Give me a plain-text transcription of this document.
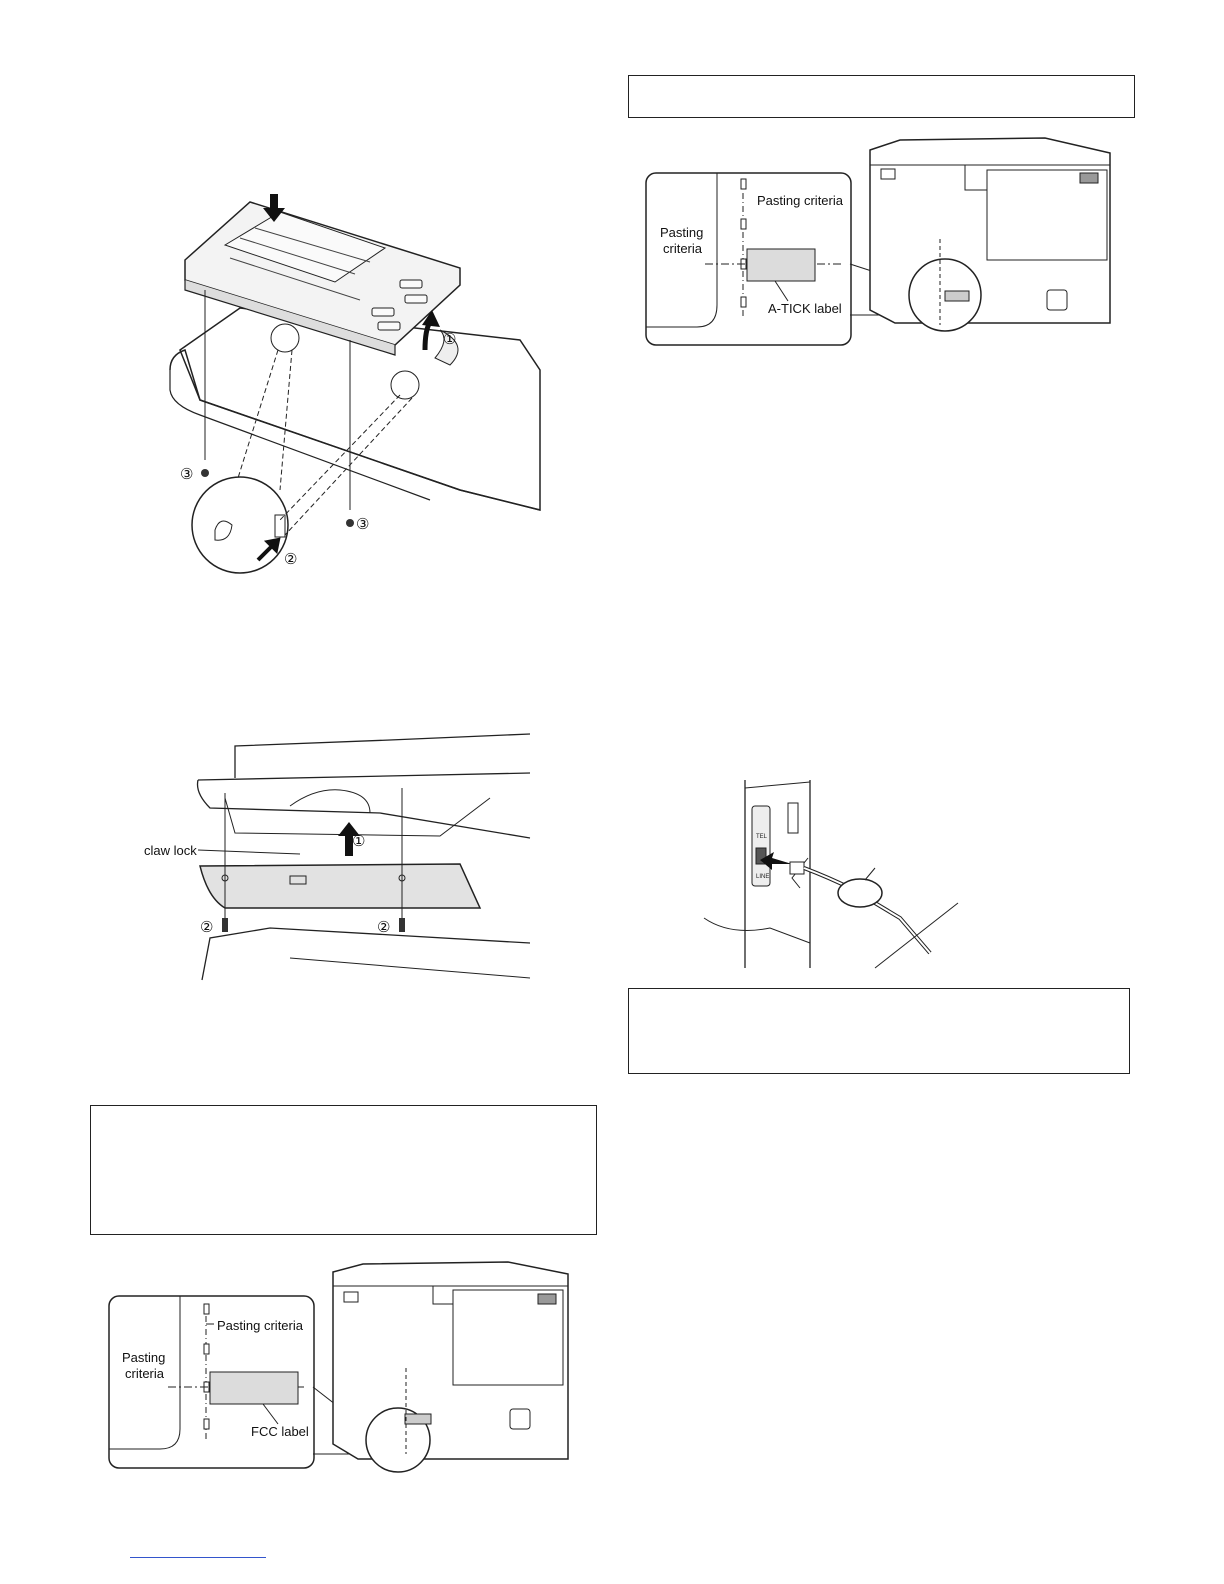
①
②
③
③
claw lock
①
②	②
Pasting criteria
Pasting
criteria
FCC label
Pasting criteria
Pasting
criteria
A-TICK label
TEL
LINE
